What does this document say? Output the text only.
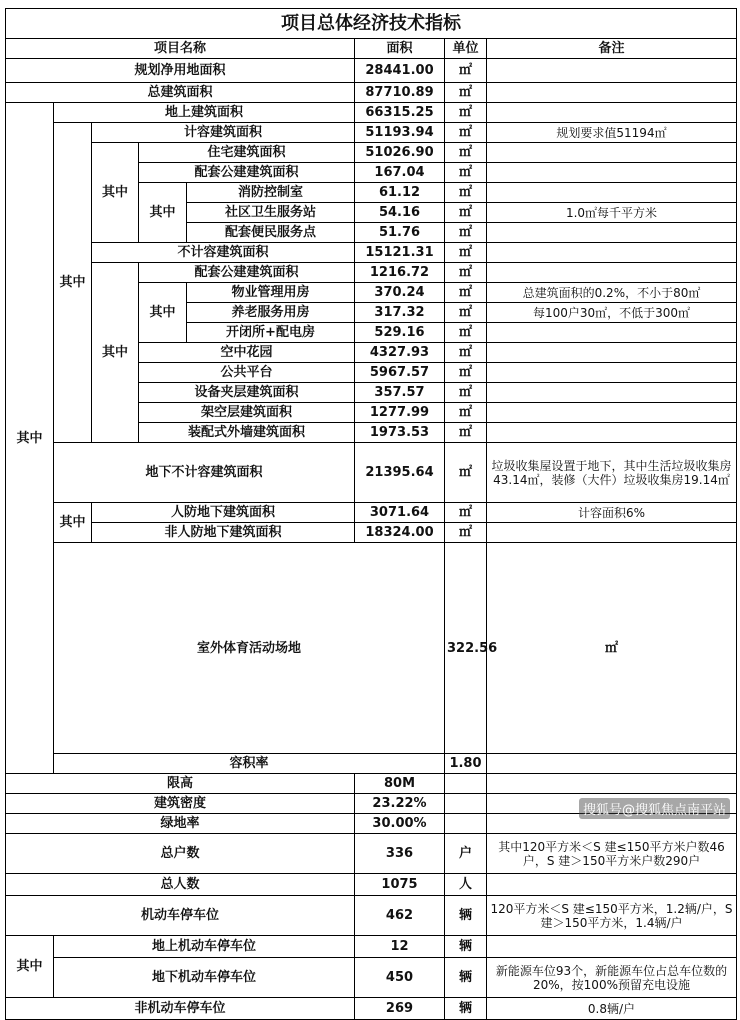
项目总体经济技术指标								
项目名称					面积	单位	备注	
规划净用地面积					28441.00	㎡		
总建筑面积					87710.89	㎡		
其中	地上建筑面积				66315.25	㎡		
	其中	计容建筑面积			51193.94	㎡	规划要求值51194㎡	
		其中	住宅建筑面积		51026.90	㎡		
			配套公建建筑面积		167.04	㎡		
			其中	消防控制室	61.12	㎡		
				社区卫生服务站	54.16	㎡	1.0㎡每千平方米	
				配套便民服务点	51.76	㎡		
		不计容建筑面积			15121.31	㎡		
		其中	配套公建建筑面积		1216.72	㎡		
			其中	物业管理用房	370.24	㎡	总建筑面积的0.2%，不小于80㎡	
				养老服务用房	317.32	㎡	每100户30㎡，不低于300㎡	
				开闭所+配电房	529.16	㎡		
			空中花园		4327.93	㎡		
			公共平台		5967.57	㎡		
			设备夹层建筑面积		357.57	㎡		
			架空层建筑面积		1277.99	㎡		
			装配式外墙建筑面积		1973.53	㎡		
	地下不计容建筑面积				21395.64	㎡	垃圾收集屋设置于地下，其中生活垃圾收集房43.14㎡，装修（大件）垃圾收集房19.14㎡	
	其中	人防地下建筑面积			3071.64	㎡	计容面积6%	
		非人防地下建筑面积			18324.00	㎡		
	室外体育活动场地					322.56	㎡	
	容积率					1.80		
限高					80M			
建筑密度					23.22%			
绿地率					30.00%			
总户数					336	户	其中120平方米＜S 建≤150平方米户数46户，S 建＞150平方米户数290户	
总人数					1075	人		
机动车停车位					462	辆	120平方米＜S 建≤150平方米，1.2辆/户，S 建＞150平方米，1.4辆/户	
其中	地上机动车停车位				12	辆		
	地下机动车停车位				450	辆	新能源车位93个，新能源车位占总车位数的20%，按100%预留充电设施	
非机动车停车位					269	辆	0.8辆/户	
搜狐号@搜狐焦点南平站
